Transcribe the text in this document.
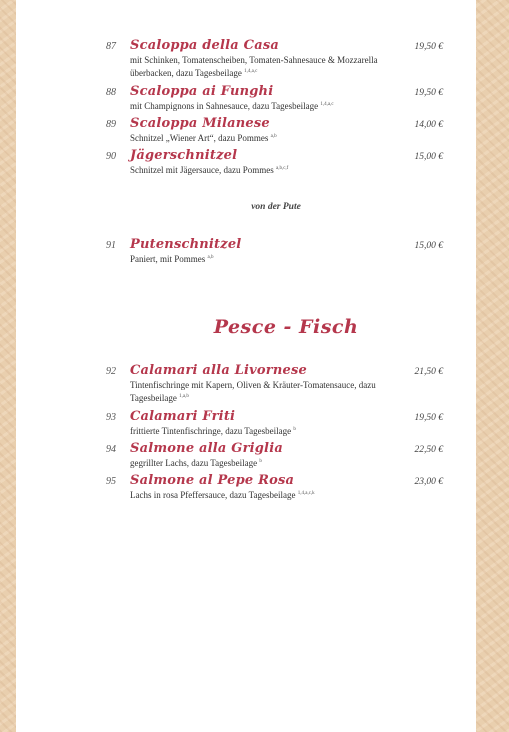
87	Scaloppa della Casa
mit Schinken, Tomatenscheiben, Tomaten-Sahnesauce & Mozzarella überbacken, dazu Tagesbeilage $^{1,4,a,c}$
19,50 €
88	Scaloppa ai Funghi
mit Champignons in Sahnesauce, dazu Tagesbeilage $^{1,4,a,c}$
19,50 €
89	Scaloppa Milanese
Schnitzel „Wiener Art“, dazu Pommes $^{a,b}$
14,00 €
90	Jägerschnitzel
Schnitzel mit Jägersauce, dazu Pommes $^{a,b,c,f}$
15,00 €
von der Pute
91	Putenschnitzel
Paniert, mit Pommes $^{a,b}$
15,00 €
Pesce - Fisch
92	Calamari alla Livornese
Tintenfischringe mit Kapern, Oliven & Kräuter-Tomatensauce, dazu Tagesbeilage $^{1,a,b}$
21,50 €
93	Calamari Friti
frittierte Tintenfischringe, dazu Tagesbeilage $^b$
19,50 €
94	Salmone alla Griglia
gegrillter Lachs, dazu Tagesbeilage $^b$
22,50 €
95	Salmone al Pepe Rosa
Lachs in rosa Pfeffersauce, dazu Tagesbeilage $^{1,4,a,c,k}$
23,00 €
